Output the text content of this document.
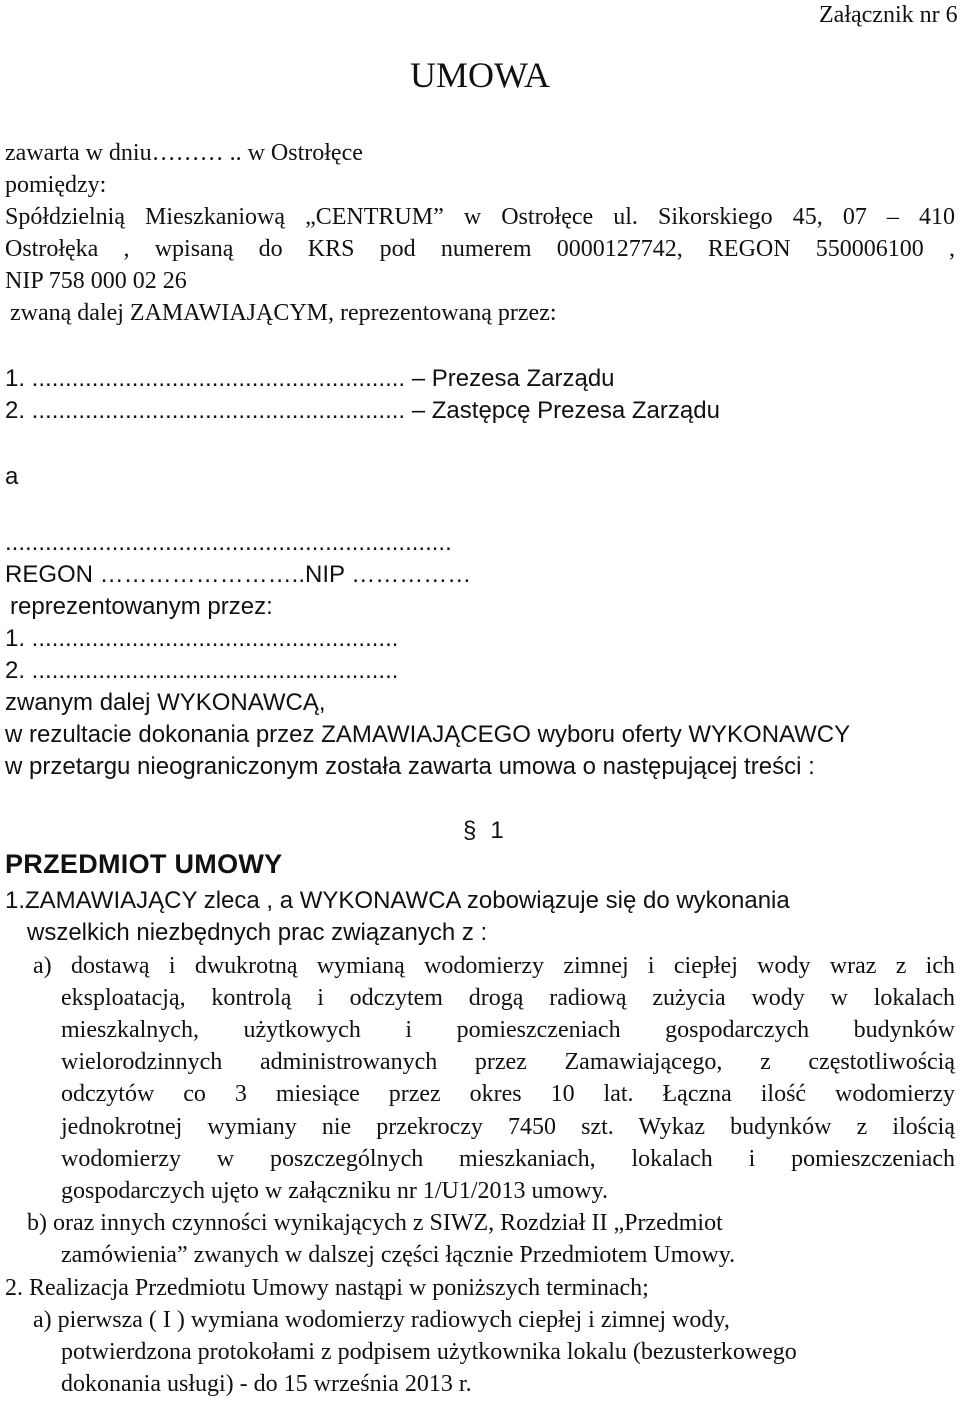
Załącznik nr 6
UMOWA
zawarta w dniu……… .. w Ostrołęce
pomiędzy:
Spółdzielnią Mieszkaniową „CENTRUM” w Ostrołęce ul. Sikorskiego 45, 07 – 410
Ostrołęka , wpisaną do KRS pod numerem 0000127742, REGON 550006100 ,
NIP 758 000 02 26
zwaną dalej ZAMAWIAJĄCYM, reprezentowaną przez:
1. ........................................................ – Prezesa Zarządu
2. ........................................................ – Zastępcę Prezesa Zarządu
a
...................................................................
REGON ……………………..NIP ……………
reprezentowanym przez:
1. .......................................................
2. .......................................................
zwanym dalej WYKONAWCĄ,
w rezultacie dokonania przez ZAMAWIAJĄCEGO wyboru oferty WYKONAWCY
w przetargu nieograniczonym została zawarta umowa o następującej treści :
§ 1
PRZEDMIOT UMOWY
1.ZAMAWIAJĄCY zleca , a WYKONAWCA zobowiązuje się do wykonania
wszelkich niezbędnych prac związanych z :
a) dostawą i dwukrotną wymianą wodomierzy zimnej i ciepłej wody wraz z ich
eksploatacją, kontrolą i odczytem drogą radiową zużycia wody w lokalach
mieszkalnych, użytkowych i pomieszczeniach gospodarczych budynków
wielorodzinnych administrowanych przez Zamawiającego, z częstotliwością
odczytów co 3 miesiące przez okres 10 lat. Łączna ilość wodomierzy
jednokrotnej wymiany nie przekroczy 7450 szt. Wykaz budynków z ilością
wodomierzy w poszczególnych mieszkaniach, lokalach i pomieszczeniach
gospodarczych ujęto w załączniku nr 1/U1/2013 umowy.
b) oraz innych czynności wynikających z SIWZ, Rozdział II „Przedmiot
zamówienia” zwanych w dalszej części łącznie Przedmiotem Umowy.
2. Realizacja Przedmiotu Umowy nastąpi w poniższych terminach;
a) pierwsza ( I ) wymiana wodomierzy radiowych ciepłej i zimnej wody,
potwierdzona protokołami z podpisem użytkownika lokalu (bezusterkowego
dokonania usługi) - do 15 września 2013 r.
